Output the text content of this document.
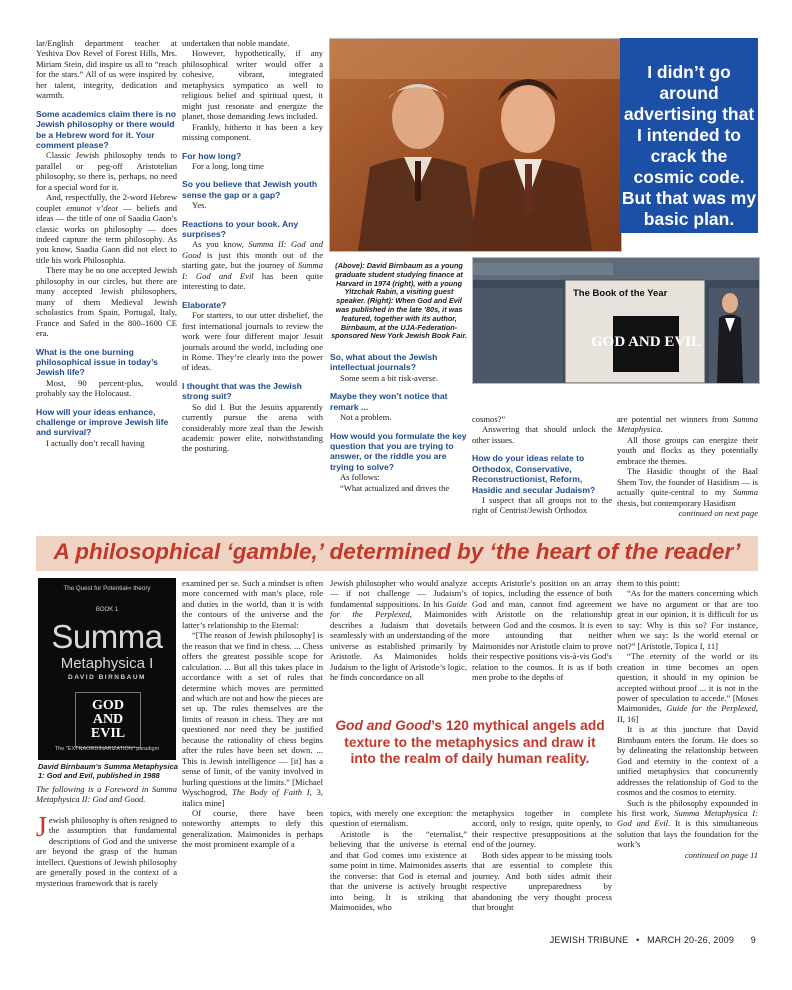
lar/English department teacher at Yeshiva Dov Revel of Forest Hills, Mrs. Miriam Stein, did inspire us all to “reach for the stars.” All of us were inspired by her talent, integrity, dedication and warmth.

Some academics claim there is no Jewish philosophy or there would be a Hebrew word for it. Your comment please?

Classic Jewish philosophy tends to parallel or peg-off Aristotelian philosophy, so there is, perhaps, no need for a special word for it.

And, respectfully, the 2-word Hebrew couplet emunot v’deot — beliefs and ideas — the title of one of Saadia Gaon’s classic works on philosophy — does indeed capture the term philosophy. As you know, Saadia Gaon did not elect to title his work Philosophia.

There may be no one accepted Jewish philosophy in our circles, but there are many accepted Jewish philosophers, many of them Medieval Jewish scholastics from Spain, Portugal, Italy, France and Safed in the 800–1600 CE era.

What is the one burning philosophical issue in today’s Jewish life?

Most, 90 percent-plus, would probably say the Holocaust.

How will your ideas enhance, challenge or improve Jewish life and survival?

I actually don’t recall having

undertaken that noble mandate.

However, hypothetically, if any philosophical writer would offer a cohesive, vibrant, integrated metaphysics sympatico as well to religious belief and spiritual quest, it might just resonate and energize the planet, those demanding Jews included.

Frankly, hitherto it has been a key missing component.

For how long?

For a long, long time

So you believe that Jewish youth sense the gap or a gap?

Yes.

Reactions to your book. Any surprises?

As you know, Summa II: God and Good is just this month out of the starting gate, but the journey of Summa I: God and Evil has been quite interesting to date.

Elaborate?

For starters, to our utter disbelief, the first international journals to review the work were four different major Jesuit journals around the world, including one in Rome. They’re clearly into the power of ideas.

I thought that was the Jewish strong suit?

So did I. But the Jesuits apparently currently pursue the arena with considerably more zeal than the Jewish academic power elite, notwithstanding the posturing.

I didn’t go around advertising that I intended to crack the cosmic code. But that was my basic plan.
(Above): David Birnbaum as a young graduate student studying finance at Harvard in 1974 (right), with a young Yitzchak Rabin, a visiting guest speaker. (Right): When God and Evil was published in the late ’80s, it was featured, together with its author, Birnbaum, at the UJA-Federation-sponsored New York Jewish Book Fair.	GOD AND EVIL
The Book of the Year

So, what about the Jewish intellectual journals?

Some seem a bit risk-averse.

Maybe they won’t notice that remark ...

Not a problem.

How would you formulate the key question that you are trying to answer, or the riddle you are trying to solve?

As follows:

“What actualized and drives the

cosmos?”

Answering that should unlock the other issues.

How do your ideas relate to Orthodox, Conservative, Reconstructionist, Reform, Hasidic and secular Judaism?

I suspect that all groups not to the right of Centrist/Jewish Orthodox

are potential net winners from Summa Metaphysica.

All those groups can energize their youth and flocks as they potentially embrace the themes.

The Hasidic thought of the Baal Shem Tov, the founder of Hasidism — is actually quite-central to my Summa thesis, but contemporary Hasidism

continued on next page

A philosophical ‘gamble,’ determined by ‘the heart of the reader’
The Quest for Potential∞ theory
BOOK 1
Summa
Metaphysica I
DAVID BIRNBAUM
GOD AND EVIL
The "EXTRAORDINARIZATION" paradigm
David Birnbaum’s Summa Metaphysica 1: God and Evil, published in 1988

The following is a Foreword in Summa Metaphysica II: God and Good.

Jewish philosophy is often resigned to the assumption that fundamental descriptions of God and the universe are beyond the grasp of the human intellect. Questions of Jewish philosophy are generally posed in the context of a mysterious framework that is rarely

examined per se. Such a mindset is often more concerned with man’s place, role and duties in the world, than it is with the contours of the universe and the latter’s relationship to the Eternal:

“[The reason of Jewish philosophy] is the reason that we find in chess. ... Chess offers the greatest possible scope for calculation. ... But all this takes place in accordance with a set of rules that determine which moves are permitted and which are not and how the pieces are set up. The rules themselves are the limits of reason in chess. They are not questioned nor need they be justified because the rationality of chess begins after the rules have been set down. ... This is Jewish intelligence — [it] has a sense of limit, of the vanity involved in hurling questions at the limits.” [Michael Wyschogrod, The Body of Faith I, 3, italics mine]

Of course, there have been noteworthy attempts to defy this generalization. Maimonides is perhaps the most prominent example of a

Jewish philosopher who would analyze — if not challenge — Judaism’s fundamental suppositions. In his Guide for the Perplexed, Maimonides describes a Judaism that dovetails seamlessly with an understanding of the universe as established primarily by Aristotle. As Maimonides holds Judaism to the light of Aristotle’s logic, he finds concordance on all

topics, with merely one exception: the question of eternalism.

Aristotle is the “eternalist,” believing that the universe is eternal and that God comes into existence at some point in time. Maimonides asserts the converse: that God is eternal and that the universe is actively brought into being. It is striking that Maimonides, who

accepts Aristotle’s position on an array of topics, including the essence of both God and man, cannot find agreement with Aristotle on the relationship between God and the cosmos. It is even more astounding that neither Maimonides nor Aristotle claim to prove their respective positions vis-à-vis God’s relation to the cosmos. It is as if both men probe to the depths of

metaphysics together in complete accord, only to resign, quite openly, to their respective presuppositions at the end of the journey.

Both sides appear to be missing tools that are essential to complete this journey. And both sides admit their respective unpreparedness by abandoning the very thought process that brought

God and Good’s 120 mythical angels add texture to the metaphysics and draw it into the realm of daily human reality.

them to this point:

“As for the matters concerning which we have no argument or that are too great in our opinion, it is difficult for us to say: Why is this so? For instance, when we say: Is the world eternal or not?” [Aristotle, Topica I, 11]

“The eternity of the world or its creation in time becomes an open question, it should in my opinion be accepted without proof ... it is not in the power of speculation to accede.” [Moses Maimonides, Guide for the Perplexed, II, 16]

It is at this juncture that David Birnbaum enters the forum. He does so by delineating the relationship between God and eternity in the context of a unified metaphysics that concurrently addresses the relationship of God to the cosmos and the cosmos to eternity.

Such is the philosophy expounded in his first work, Summa Metaphysica I: God and Evil. It is this simultaneous solution that lays the foundation for the work’s

continued on page 11

JEWISH TRIBUNE • MARCH 20-26, 2009 9
